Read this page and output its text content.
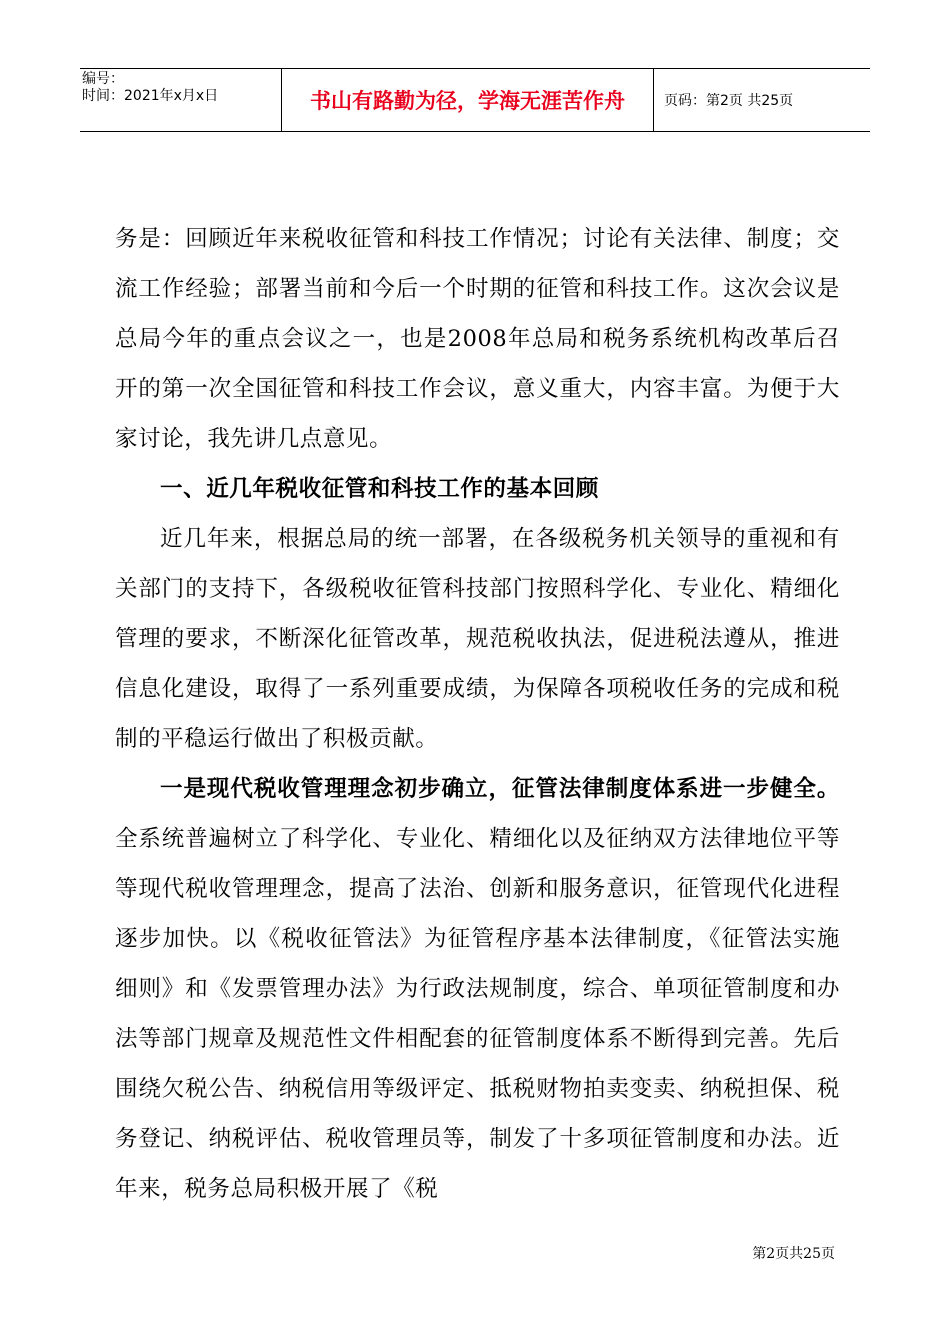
编号：
时间：2021年x月x日	书山有路勤为径，学海无涯苦作舟	页码：第2页 共25页

务是：回顾近年来税收征管和科技工作情况；讨论有关法律、制度；交流工作经验；部署当前和今后一个时期的征管和科技工作。这次会议是总局今年的重点会议之一，也是2008年总局和税务系统机构改革后召开的第一次全国征管和科技工作会议，意义重大，内容丰富。为便于大家讨论，我先讲几点意见。

一、近几年税收征管和科技工作的基本回顾

近几年来，根据总局的统一部署，在各级税务机关领导的重视和有关部门的支持下，各级税收征管科技部门按照科学化、专业化、精细化管理的要求，不断深化征管改革，规范税收执法，促进税法遵从，推进信息化建设，取得了一系列重要成绩，为保障各项税收任务的完成和税制的平稳运行做出了积极贡献。

一是现代税收管理理念初步确立，征管法律制度体系进一步健全。全系统普遍树立了科学化、专业化、精细化以及征纳双方法律地位平等等现代税收管理理念，提高了法治、创新和服务意识，征管现代化进程逐步加快。以《税收征管法》为征管程序基本法律制度，《征管法实施细则》和《发票管理办法》为行政法规制度，综合、单项征管制度和办法等部门规章及规范性文件相配套的征管制度体系不断得到完善。先后围绕欠税公告、纳税信用等级评定、抵税财物拍卖变卖、纳税担保、税务登记、纳税评估、税收管理员等，制发了十多项征管制度和办法。近年来，税务总局积极开展了《税

第2页共25页
